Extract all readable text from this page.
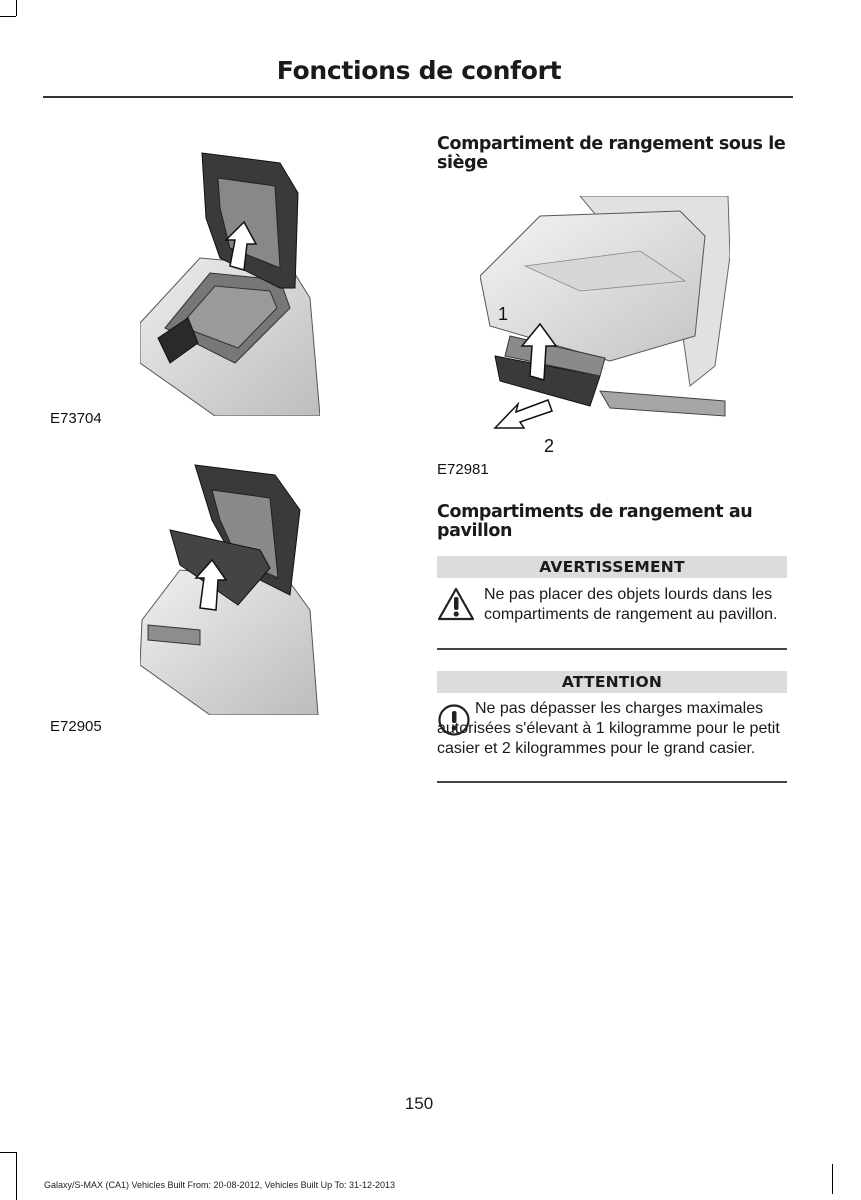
Fonctions de confort
E73704
E72905
Compartiment de rangement sous le siège
1
2
E72981
Compartiments de rangement au pavillon
AVERTISSEMENT
Ne pas placer des objets lourds dans les compartiments de rangement au pavillon.
ATTENTION
Ne pas dépasser les charges maximales autorisées s'élevant à 1 kilogramme pour le petit casier et 2 kilogrammes pour le grand casier.
150
Galaxy/S-MAX (CA1) Vehicles Built From: 20-08-2012, Vehicles Built Up To: 31-12-2013
